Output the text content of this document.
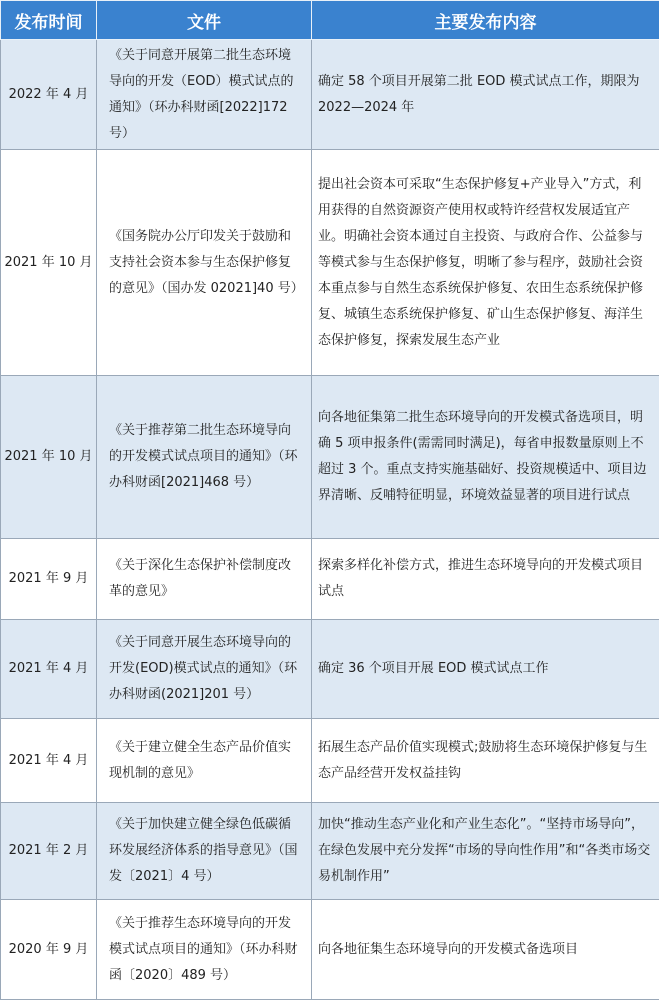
发布时间	文件	主要发布内容
2022 年 4 月	《关于同意开展第二批生态环境导向的开发（EOD）模式试点的通知》（环办科财函[2022]172 号）	确定 58 个项目开展第二批 EOD 模式试点工作，期限为 2022—2024 年
2021 年 10 月	《国务院办公厅印发关于鼓励和支持社会资本参与生态保护修复的意见》（国办发 02021]40 号）	提出社会资本可采取“生态保护修复+产业导入”方式，利用获得的自然资源资产使用权或特许经营权发展适宜产业。明确社会资本通过自主投资、与政府合作、公益参与等模式参与生态保护修复，明晰了参与程序，鼓励社会资本重点参与自然生态系统保护修复、农田生态系统保护修复、城镇生态系统保护修复、矿山生态保护修复、海洋生态保护修复，探索发展生态产业

2021 年 10 月	《关于推荐第二批生态环境导向的开发模式试点项目的通知》（环办科财函[2021]468 号）	向各地征集第二批生态环境导向的开发模式备选项目，明确 5 项申报条件(需需同时满足)，每省申报数量原则上不超过 3 个。重点支持实施基础好、投资规模适中、项目边界清晰、反哺特征明显，环境效益显著的项目进行试点
2021 年 9 月	《关于深化生态保护补偿制度改革的意见》	探索多样化补偿方式，推进生态环境导向的开发模式项目试点
2021 年 4 月	《关于同意开展生态环境导向的开发(EOD)模式试点的通知》（环办科财函(2021]201 号）	确定 36 个项目开展 EOD 模式试点工作
2021 年 4 月	《关于建立健全生态产品价值实现机制的意见》	拓展生态产品价值实现模式;鼓励将生态环境保护修复与生态产品经营开发权益挂钩
2021 年 2 月	《关于加快建立健全绿色低碳循环发展经济体系的指导意见》（国发〔2021〕4 号）	加快“推动生态产业化和产业生态化”。“坚持市场导向”，在绿色发展中充分发挥“市场的导向性作用”和“各类市场交易机制作用”
2020 年 9 月	《关于推荐生态环境导向的开发模式试点项目的通知》（环办科财函〔2020〕489 号）	向各地征集生态环境导向的开发模式备选项目
